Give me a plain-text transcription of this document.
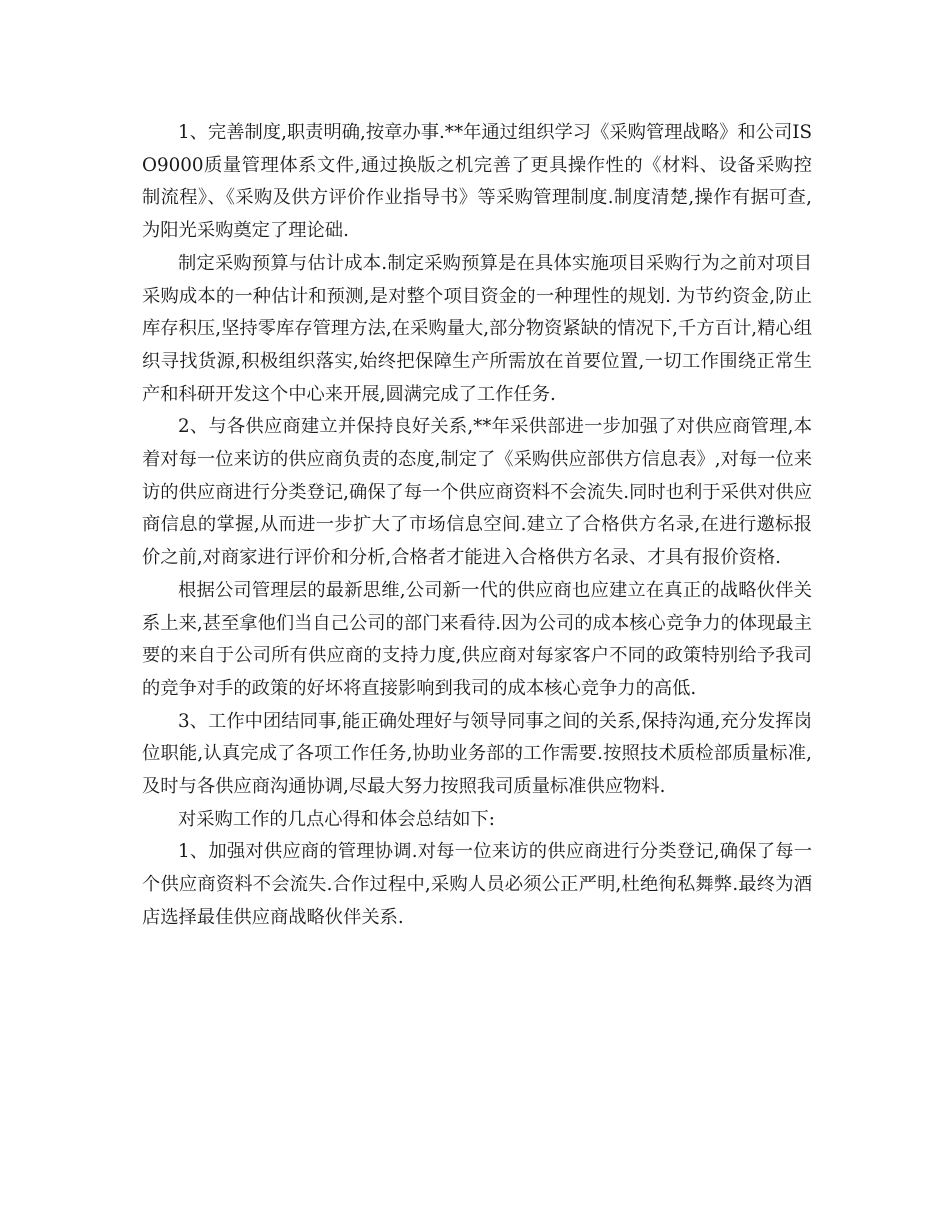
1、完善制度,职责明确,按章办事.**年通过组织学习《采购管理战略》和公司ISO9000质量管理体系文件,通过换版之机完善了更具操作性的《材料、设备采购控制流程》、《采购及供方评价作业指导书》等采购管理制度.制度清楚,操作有据可查,为阳光采购奠定了理论础.

制定采购预算与估计成本.制定采购预算是在具体实施项目采购行为之前对项目采购成本的一种估计和预测,是对整个项目资金的一种理性的规划. 为节约资金,防止库存积压,坚持零库存管理方法,在采购量大,部分物资紧缺的情况下,千方百计,精心组织寻找货源,积极组织落实,始终把保障生产所需放在首要位置,一切工作围绕正常生产和科研开发这个中心来开展,圆满完成了工作任务.

2、与各供应商建立并保持良好关系,**年采供部进一步加强了对供应商管理,本着对每一位来访的供应商负责的态度,制定了《采购供应部供方信息表》,对每一位来访的供应商进行分类登记,确保了每一个供应商资料不会流失.同时也利于采供对供应商信息的掌握,从而进一步扩大了市场信息空间.建立了合格供方名录,在进行邀标报价之前,对商家进行评价和分析,合格者才能进入合格供方名录、才具有报价资格.

根据公司管理层的最新思维,公司新一代的供应商也应建立在真正的战略伙伴关系上来,甚至拿他们当自己公司的部门来看待.因为公司的成本核心竞争力的体现最主要的来自于公司所有供应商的支持力度,供应商对每家客户不同的政策特别给予我司的竞争对手的政策的好坏将直接影响到我司的成本核心竞争力的高低.

3、工作中团结同事,能正确处理好与领导同事之间的关系,保持沟通,充分发挥岗位职能,认真完成了各项工作任务,协助业务部的工作需要.按照技术质检部质量标准,及时与各供应商沟通协调,尽最大努力按照我司质量标准供应物料.

对采购工作的几点心得和体会总结如下:

1、加强对供应商的管理协调.对每一位来访的供应商进行分类登记,确保了每一个供应商资料不会流失.合作过程中,采购人员必须公正严明,杜绝徇私舞弊.最终为酒店选择最佳供应商战略伙伴关系.
